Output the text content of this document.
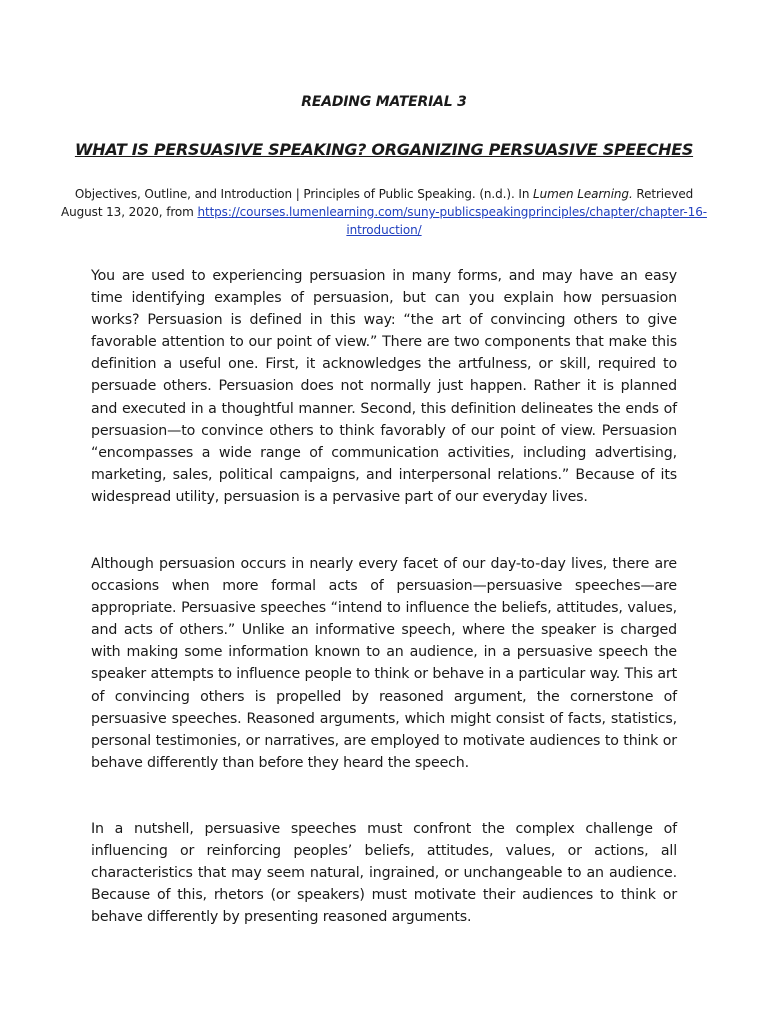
READING MATERIAL 3

WHAT IS PERSUASIVE SPEAKING? ORGANIZING PERSUASIVE SPEECHES

Objectives, Outline, and Introduction | Principles of Public Speaking. (n.d.). In Lumen Learning. Retrieved August 13, 2020, from https://courses.lumenlearning.com/suny-publicspeakingprinciples/chapter/chapter-16-introduction/

You are used to experiencing persuasion in many forms, and may have an easy time identifying examples of persuasion, but can you explain how persuasion works? Persuasion is defined in this way: “the art of convincing others to give favorable attention to our point of view.” There are two components that make this definition a useful one. First, it acknowledges the artfulness, or skill, required to persuade others. Persuasion does not normally just happen. Rather it is planned and executed in a thoughtful manner. Second, this definition delineates the ends of persuasion—to convince others to think favorably of our point of view. Persuasion “encompasses a wide range of communication activities, including advertising, marketing, sales, political campaigns, and interpersonal relations.” Because of its widespread utility, persuasion is a pervasive part of our everyday lives.

Although persuasion occurs in nearly every facet of our day-to-day lives, there are occasions when more formal acts of persuasion—persuasive speeches—are appropriate. Persuasive speeches “intend to influence the beliefs, attitudes, values, and acts of others.” Unlike an informative speech, where the speaker is charged with making some information known to an audience, in a persuasive speech the speaker attempts to influence people to think or behave in a particular way. This art of convincing others is propelled by reasoned argument, the cornerstone of persuasive speeches. Reasoned arguments, which might consist of facts, statistics, personal testimonies, or narratives, are employed to motivate audiences to think or behave differently than before they heard the speech.

In a nutshell, persuasive speeches must confront the complex challenge of influencing or reinforcing peoples’ beliefs, attitudes, values, or actions, all characteristics that may seem natural, ingrained, or unchangeable to an audience. Because of this, rhetors (or speakers) must motivate their audiences to think or behave differently by presenting reasoned arguments.
